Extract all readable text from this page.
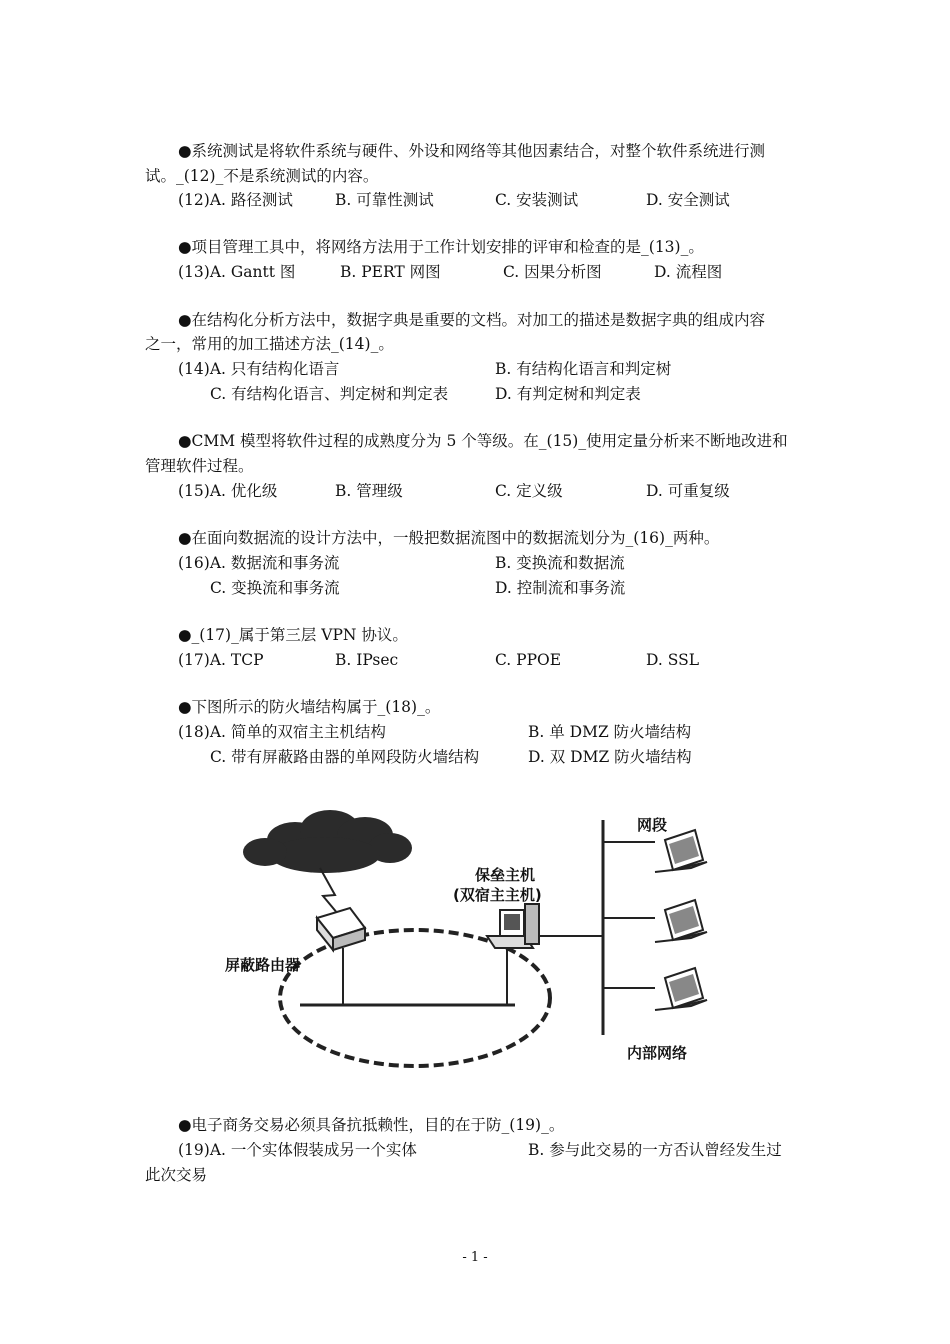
●系统测试是将软件系统与硬件、外设和网络等其他因素结合，对整个软件系统进行测
试。_(12)_不是系统测试的内容。
(12)A. 路径测试	B. 可靠性测试	C. 安装测试	D. 安全测试
●项目管理工具中，将网络方法用于工作计划安排的评审和检查的是_(13)_。
(13)A. Gantt 图	B. PERT 网图	C. 因果分析图	D. 流程图
●在结构化分析方法中，数据字典是重要的文档。对加工的描述是数据字典的组成内容
之一，常用的加工描述方法_(14)_。
(14)A. 只有结构化语言	B. 有结构化语言和判定树
C. 有结构化语言、判定树和判定表	D. 有判定树和判定表
●CMM 模型将软件过程的成熟度分为 5 个等级。在_(15)_使用定量分析来不断地改进和
管理软件过程。
(15)A. 优化级	B. 管理级	C. 定义级	D. 可重复级
●在面向数据流的设计方法中，一般把数据流图中的数据流划分为_(16)_两种。
(16)A. 数据流和事务流	B. 变换流和数据流
C. 变换流和事务流	D. 控制流和事务流
●_(17)_属于第三层 VPN 协议。
(17)A. TCP	B. IPsec	C. PPOE	D. SSL
●下图所示的防火墙结构属于_(18)_。
(18)A. 简单的双宿主主机结构	B. 单 DMZ 防火墙结构
C. 带有屏蔽路由器的单网段防火墙结构	D. 双 DMZ 防火墙结构
网段
保垒主机
(双宿主主机)
屏蔽路由器
内部网络
●电子商务交易必须具备抗抵赖性，目的在于防_(19)_。
(19)A. 一个实体假装成另一个实体	B. 参与此交易的一方否认曾经发生过
此次交易
- 1 -
